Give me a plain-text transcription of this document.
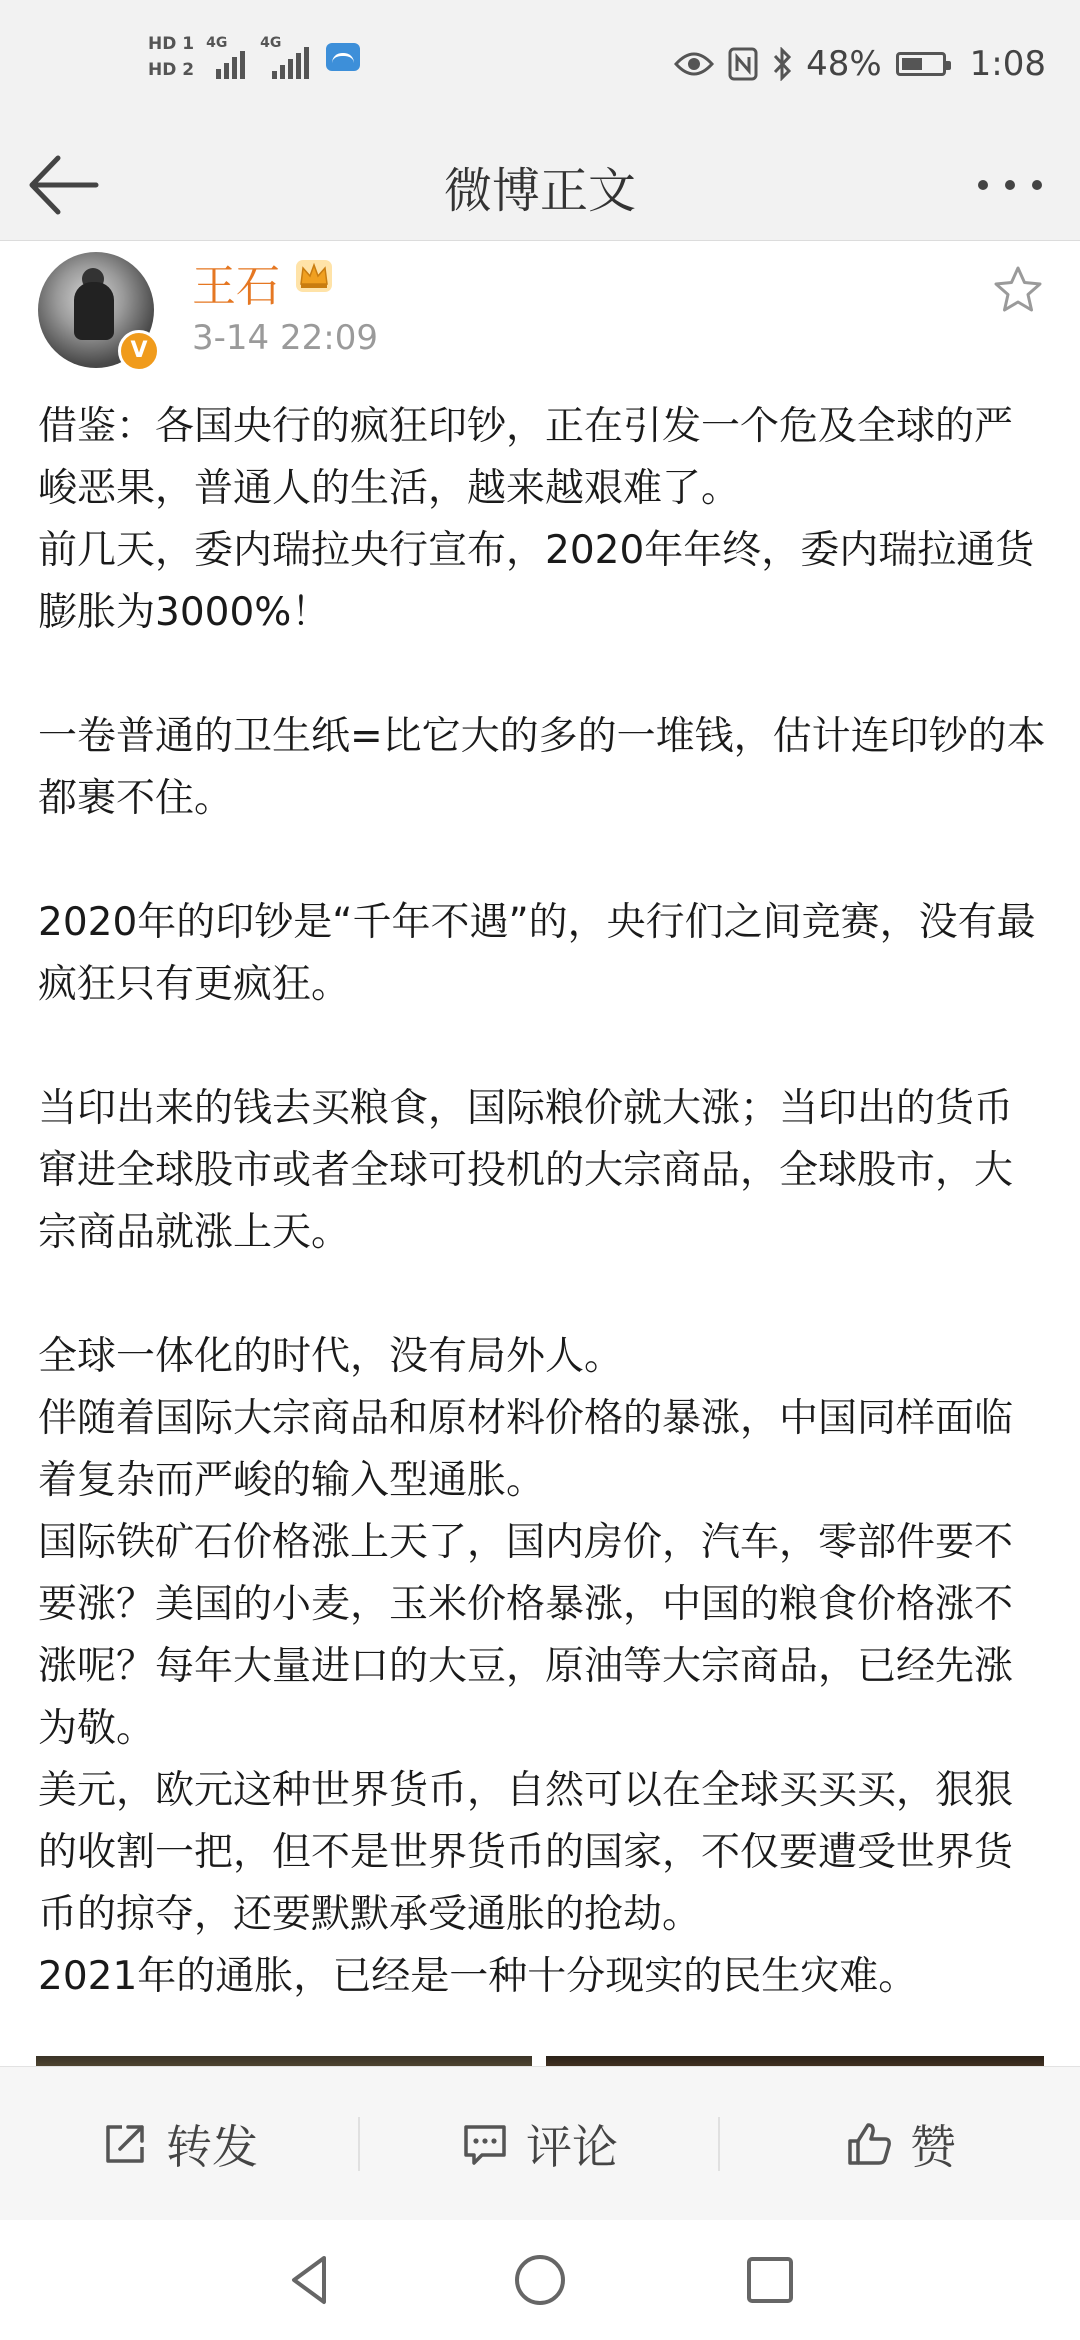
HD 1
HD 2
4G 4G
48%	1:08
微博正文
V
王石
3-14 22:09

借鉴：各国央行的疯狂印钞，正在引发一个危及全球的严峻恶果，普通人的生活，越来越艰难了。

前几天，委内瑞拉央行宣布，2020年年终，委内瑞拉通货膨胀为3000%！

一卷普通的卫生纸=比它大的多的一堆钱，估计连印钞的本都裹不住。

2020年的印钞是“千年不遇”的，央行们之间竞赛，没有最疯狂只有更疯狂。

当印出来的钱去买粮食，国际粮价就大涨；当印出的货币窜进全球股市或者全球可投机的大宗商品，全球股市，大宗商品就涨上天。

全球一体化的时代，没有局外人。

伴随着国际大宗商品和原材料价格的暴涨，中国同样面临着复杂而严峻的输入型通胀。

国际铁矿石价格涨上天了，国内房价，汽车，零部件要不要涨？美国的小麦，玉米价格暴涨，中国的粮食价格涨不涨呢？每年大量进口的大豆，原油等大宗商品，已经先涨为敬。

美元，欧元这种世界货币，自然可以在全球买买买，狠狠的收割一把，但不是世界货币的国家，不仅要遭受世界货币的掠夺，还要默默承受通胀的抢劫。

2021年的通胀，已经是一种十分现实的民生灾难。

转发	评论	赞
